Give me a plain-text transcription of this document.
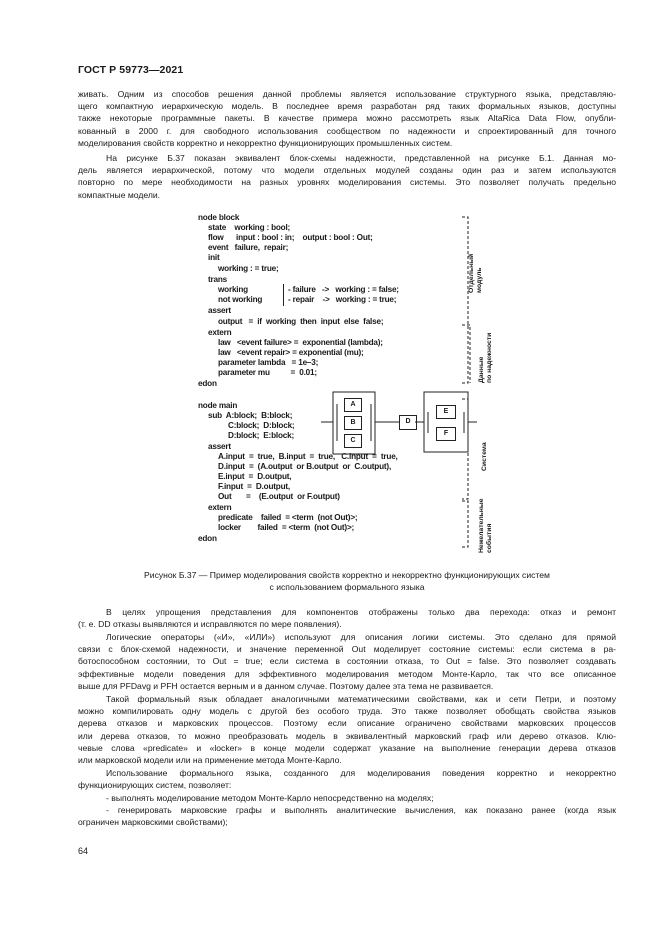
ГОСТ Р 59773—2021
живать. Одним из способов решения данной проблемы является использование структурного языка, представляю-
щего компактную иерархическую модель. В последнее время разработан ряд таких формальных языков, доступны
также некоторые программные пакеты. В качестве примера можно рассмотреть язык AltaRica Data Flow, опубли-
кованный в 2000 г. для свободного использования сообществом по надежности и спроектированный для точного
моделирования свойств корректно и некорректно функционирующих промышленных систем.
На рисунке Б.37 показан эквивалент блок-схемы надежности, представленной на рисунке Б.1. Данная мо-
дель является иерархической, потому что модели отдельных модулей созданы один раз и затем используются
повторно по мере необходимости на разных уровнях моделирования системы. Это позволяет получать предельно
компактные модели.
node block
state    working : bool;
flow      input : bool : in;    output : bool : Out;
event   failure,  repair;
init
working : = true;
trans
working	- failure   ->   working : = false;
not working	- repair    ->   working : = true;
assert
output   =  if  working  then  input  else  false;
extern
law   <event failure> =  exponential (lambda);
law   <event repair> = exponential (mu);
parameter lambda   = 1e–3;
parameter mu          =  0.01;
edon
node main
sub  A:block;  B:block;
C:block;  D:block;
D:block;  E:block;
assert
A.input  =  true,  B.input  =  true,   C.input  =  true,
D.input  =  (A.output  or B.output  or  C.output),
E.input  =  D.output,
F.input  =  D.output,
Out       =    (E.output  or F.output)
extern
predicate    failed  = <term  (not Out)>;
locker        failed  = <term  (not Out)>;
edon
A
B
C
D
E
F
Отдельный модуль
Данные по надежности
Система
Нежелательные события
Рисунок Б.37 — Пример моделирования свойств корректно и некорректно функционирующих систем
с использованием формального языка
В целях упрощения представления для компонентов отображены только два перехода: отказ и ремонт
(т. е. DD отказы выявляются и исправляются по мере появления).
Логические операторы («И», «ИЛИ») используют для описания логики системы. Это сделано для прямой
связи с блок-схемой надежности, и значение переменной Out моделирует состояние системы: если система в ра-
ботоспособном состоянии, то Out = true; если система в состоянии отказа, то Out = false. Это позволяет создавать
эффективные модели поведения для эффективного моделирования методом Монте-Карло, так что все описанное
выше для PFDavg и PFH остается верным и в данном случае. Поэтому далее эта тема не развивается.
Такой формальный язык обладает аналогичными математическими свойствами, как и сети Петри, и поэтому
можно компилировать одну модель с другой без особого труда. Это также позволяет обобщать свойства языков
дерева отказов и марковских процессов. Поэтому если описание ограничено свойствами марковских процессов
или дерева отказов, то можно преобразовать модель в эквивалентный марковский граф или дерево отказов. Клю-
чевые слова «predicate» и «locker» в конце модели содержат указание на выполнение генерации дерева отказов
или марковской модели или на применение метода Монте-Карло.
Использование формального языка, созданного для моделирования поведения корректно и некорректно
функционирующих систем, позволяет:
- выполнять моделирование методом Монте-Карло непосредственно на моделях;
- генерировать марковские графы и выполнять аналитические вычисления, как показано ранее (когда язык
ограничен марковскими свойствами);
64
